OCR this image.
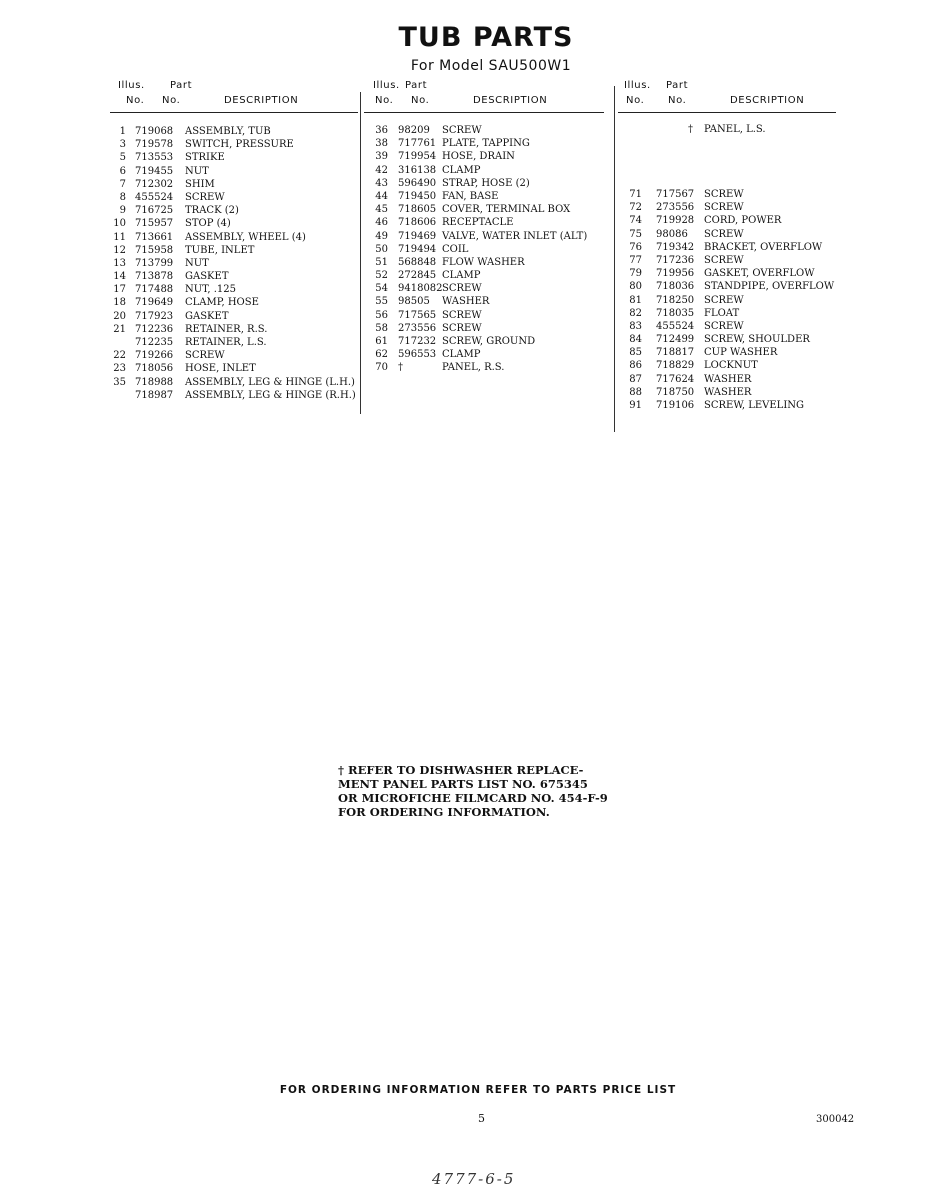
TUB PARTS
For Model SAU500W1
Illus.	Part
No. No.	DESCRIPTION
Illus. Part
No. No.	DESCRIPTION
Illus. Part
No. No.	DESCRIPTION
1 719068 ASSEMBLY, TUB
3 719578 SWITCH, PRESSURE
5 713553 STRIKE
6 719455 NUT
7 712302 SHIM
8 455524 SCREW
9 716725 TRACK (2)
10 715957 STOP (4)
11 713661 ASSEMBLY, WHEEL (4)
12 715958 TUBE, INLET
13 713799 NUT
14 713878 GASKET
17 717488 NUT, .125
18 719649 CLAMP, HOSE
20 717923 GASKET
21 712236 RETAINER, R.S.
712235 RETAINER, L.S.
22 719266 SCREW
23 718056 HOSE, INLET
35 718988 ASSEMBLY, LEG & HINGE (L.H.)
718987 ASSEMBLY, LEG & HINGE (R.H.)
36 98209 SCREW
38 717761 PLATE, TAPPING
39 719954 HOSE, DRAIN
42 316138 CLAMP
43 596490 STRAP, HOSE (2)
44 719450 FAN, BASE
45 718605 COVER, TERMINAL BOX
46 718606 RECEPTACLE
49 719469 VALVE, WATER INLET (ALT)
50 719494 COIL
51 568848 FLOW WASHER
52 272845 CLAMP
54 9418082 SCREW
55 98505 WASHER
56 717565 SCREW
58 273556 SCREW
61 717232 SCREW, GROUND
62 596553 CLAMP
70 †	PANEL, R.S.
† PANEL, L.S.
71 717567 SCREW
72 273556 SCREW
74 719928 CORD, POWER
75 98086 SCREW
76 719342 BRACKET, OVERFLOW
77 717236 SCREW
79 719956 GASKET, OVERFLOW
80 718036 STANDPIPE, OVERFLOW
81 718250 SCREW
82 718035 FLOAT
83 455524 SCREW
84 712499 SCREW, SHOULDER
85 718817 CUP WASHER
86 718829 LOCKNUT
87 717624 WASHER
88 718750 WASHER
91 719106 SCREW, LEVELING
† REFER TO DISHWASHER REPLACE-
MENT PANEL PARTS LIST NO. 675345
OR MICROFICHE FILMCARD NO. 454-F-9
FOR ORDERING INFORMATION.
FOR ORDERING INFORMATION REFER TO PARTS PRICE LIST
5	300042
4777-6-5
